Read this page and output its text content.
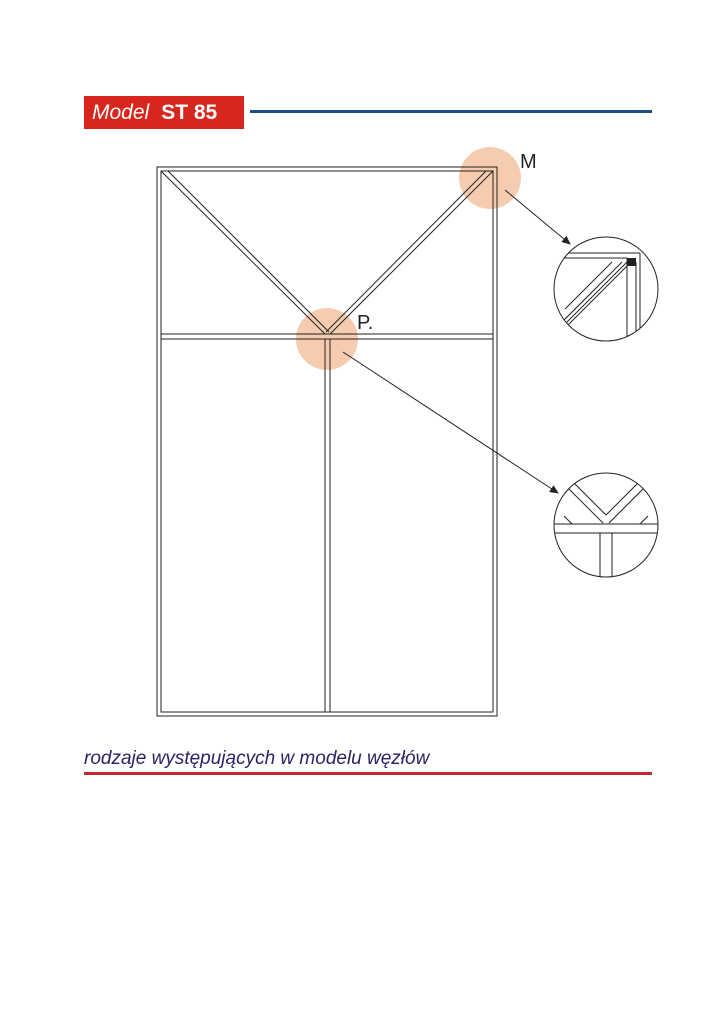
Model ST 85
M
P.
rodzaje występujących w modelu węzłów
